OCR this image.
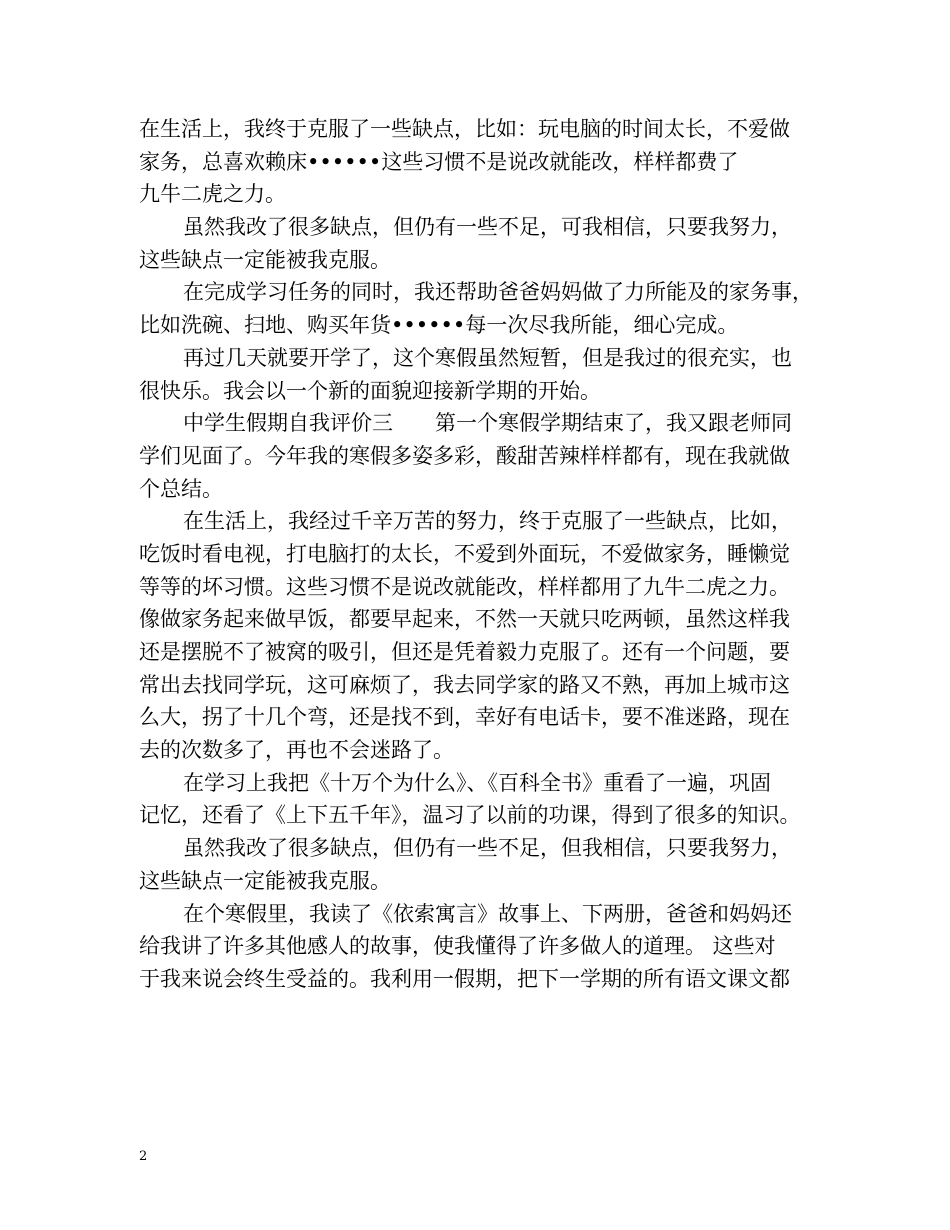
在生活上，我终于克服了一些缺点，比如：玩电脑的时间太长，不爱做
家务，总喜欢赖床••••••这些习惯不是说改就能改，样样都费了
九牛二虎之力。
虽然我改了很多缺点，但仍有一些不足，可我相信，只要我努力，
这些缺点一定能被我克服。
在完成学习任务的同时，我还帮助爸爸妈妈做了力所能及的家务事，
比如洗碗、扫地、购买年货••••••每一次尽我所能，细心完成。
再过几天就要开学了，这个寒假虽然短暂，但是我过的很充实，也
很快乐。我会以一个新的面貌迎接新学期的开始。
中学生假期自我评价三　　第一个寒假学期结束了，我又跟老师同
学们见面了。今年我的寒假多姿多彩，酸甜苦辣样样都有，现在我就做
个总结。
在生活上，我经过千辛万苦的努力，终于克服了一些缺点，比如，
吃饭时看电视，打电脑打的太长，不爱到外面玩，不爱做家务，睡懒觉
等等的坏习惯。这些习惯不是说改就能改，样样都用了九牛二虎之力。
像做家务起来做早饭，都要早起来，不然一天就只吃两顿，虽然这样我
还是摆脱不了被窝的吸引，但还是凭着毅力克服了。还有一个问题，要
常出去找同学玩，这可麻烦了，我去同学家的路又不熟，再加上城市这
么大，拐了十几个弯，还是找不到，幸好有电话卡，要不准迷路，现在
去的次数多了，再也不会迷路了。
在学习上我把《十万个为什么》、《百科全书》重看了一遍，巩固
记忆，还看了《上下五千年》，温习了以前的功课，得到了很多的知识。
虽然我改了很多缺点，但仍有一些不足，但我相信，只要我努力，
这些缺点一定能被我克服。
在个寒假里，我读了《依索寓言》故事上、下两册，爸爸和妈妈还
给我讲了许多其他感人的故事，使我懂得了许多做人的道理。 这些对
于我来说会终生受益的。我利用一假期，把下一学期的所有语文课文都
2
